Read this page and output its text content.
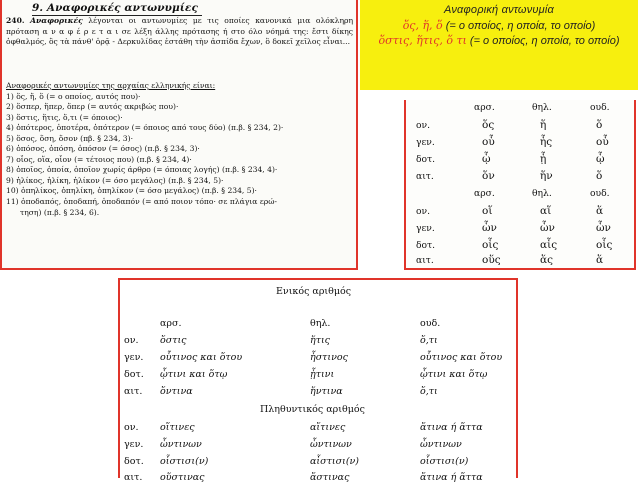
9. Αναφορικές αντωνυμίες
240. Αναφορικές λέγονται οι αντωνυμίες με τις οποίες κανονικά μια ολόκληρη πρόταση α ν α φ έ ρ ε τ α ι σε λέξη άλλης πρότασης ή στο όλο νόημά της: ἔστι δίκης ὀφθαλμός, ὃς τὰ πάνθ' ὁρᾷ - Δερκυλίδας ἐστάθη τὴν ἀσπίδα ἔχων, ὃ δοκεῖ χεῖλος εἶναι...
Αναφορικές αντωνυμίες της αρχαίας ελληνικής είναι:
1) ὅς, ἥ, ὅ (= ο οποίος, αυτός που)·
2) ὅσπερ, ἥπερ, ὅπερ (= αυτός ακριβώς που)·
3) ὅστις, ἥτις, ὅ,τι (= όποιος)·
4) ὁπότερος, ὁποτέρα, ὁπότερον (= όποιος από τους δύο) (π.β. § 234, 2)·
5) ὅσος, ὅση, ὅσον (πβ. § 234, 3)·
6) ὁπόσος, ὁπόση, ὁπόσον (= όσος) (π.β. § 234, 3)·
7) οἷος, οἵα, οἷον (= τέτοιος που) (π.β. § 234, 4)·
8) ὁποῖος, ὁποία, ὁποῖον χωρίς άρθρο (= όποιας λογής) (π.β. § 234, 4)·
9) ἡλίκος, ἡλίκη, ἡλίκον (= όσο μεγάλος) (π.β. § 234, 5)·
10) ὁπηλίκος, ὁπηλίκη, ὁπηλίκον (= όσο μεγάλος) (π.β. § 234, 5)·
11) ὁποδαπός, ὁποδαπή, ὁποδαπόν (= από ποιον τόπο· σε πλάγια ερώ-
τηση) (π.β. § 234, 6).
Αναφορική αντωνυμία
ὅς, ἥ, ὅ (= ο οποίος, η οποία, το οποίο)
ὅστις, ἥτις, ὅ τι (= ο οποίος, η οποία, το οποίο)
αρσ.	θηλ.	ουδ.
ον.	ὅς	ἥ	ὅ
γεν.	οὗ	ἧς	οὗ
δοτ.	ᾧ	ᾗ	ᾧ
αιτ.	ὅν	ἥν	ὅ
αρσ.	θηλ.	ουδ.
ον.	οἵ	αἵ	ἅ
γεν.	ὧν	ὧν	ὧν
δοτ.	οἷς	αἷς	οἷς
αιτ.	οὕς	ἅς	ἅ
Ενικός αριθμός
αρσ.	θηλ.	ουδ.
ον. ὅστις	ἥτις	ὅ,τι
γεν. οὗτινος και ὅτου	ἧστινος	οὗτινος και ὅτου
δοτ. ᾧτινι και ὅτῳ	ᾗτινι	ᾧτινι και ὅτῳ
αιτ. ὅντινα	ἥντινα	ὅ,τι
Πληθυντικός αριθμός
ον. οἵτινες	αἵτινες	ἅτινα ή ἅττα
γεν. ὧντινων	ὧντινων	ὧντινων
δοτ. οἷστισι(ν)	αἷστισι(ν)	οἷστισι(ν)
αιτ. οὕστινας	ἅστινας	ἅτινα ή ἅττα
